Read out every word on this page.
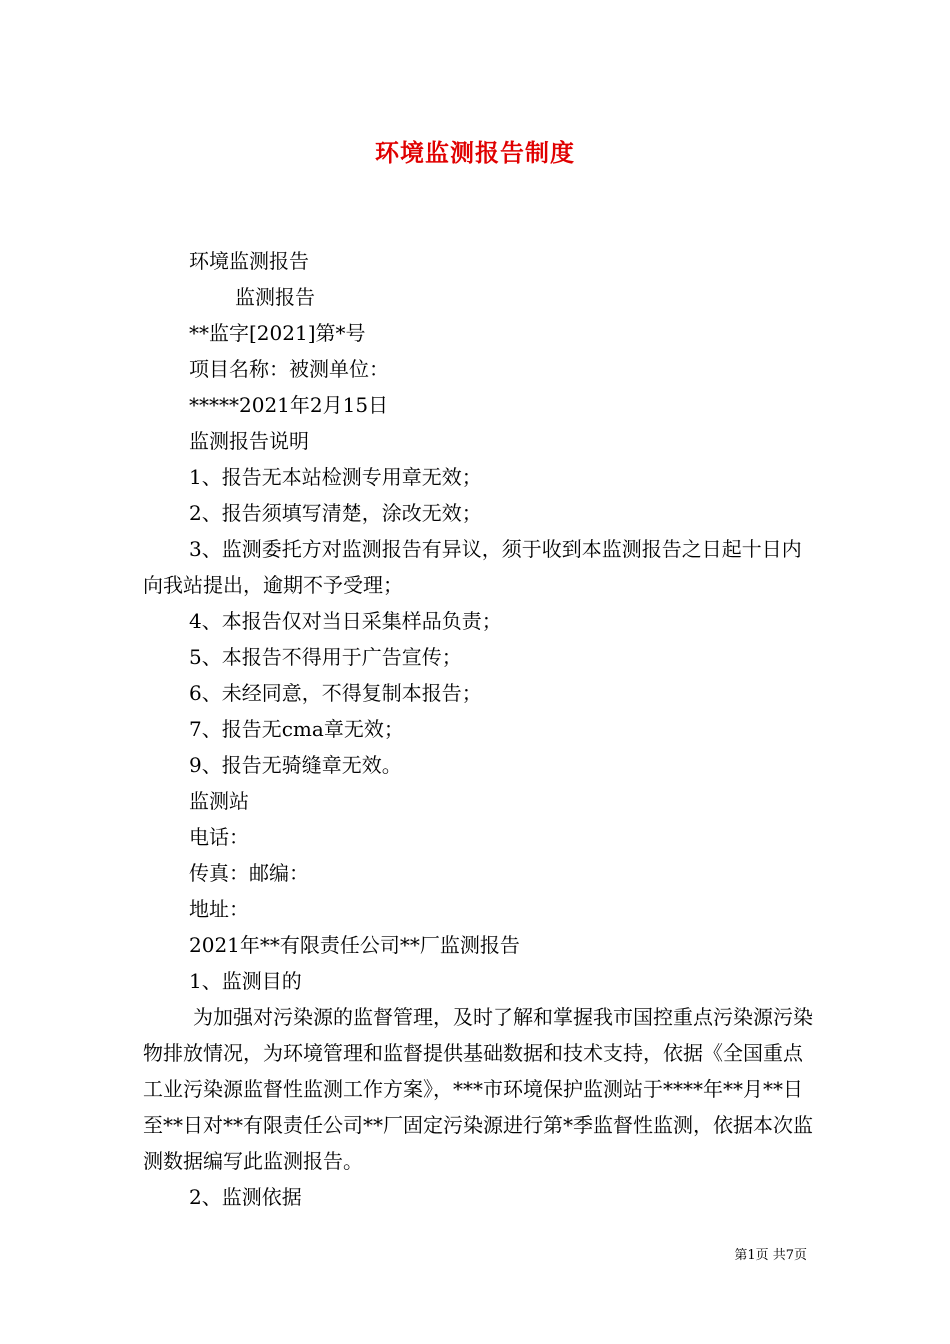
环境监测报告制度

环境监测报告

监测报告

**监字[2021]第*号

项目名称：被测单位：

*****2021年2月15日

监测报告说明

1、报告无本站检测专用章无效；

2、报告须填写清楚，涂改无效；

3、监测委托方对监测报告有异议，须于收到本监测报告之日起十日内向我站提出，逾期不予受理；

4、本报告仅对当日采集样品负责；

5、本报告不得用于广告宣传；

6、未经同意，不得复制本报告；

7、报告无cma章无效；

9、报告无骑缝章无效。

监测站

电话：

传真：邮编：

地址：

2021年**有限责任公司**厂监测报告

1、监测目的

为加强对污染源的监督管理，及时了解和掌握我市国控重点污染源污染物排放情况，为环境管理和监督提供基础数据和技术支持，依据《全国重点工业污染源监督性监测工作方案》，***市环境保护监测站于****年**月**日至**日对**有限责任公司**厂固定污染源进行第*季监督性监测，依据本次监测数据编写此监测报告。

2、监测依据

第1页 共7页
